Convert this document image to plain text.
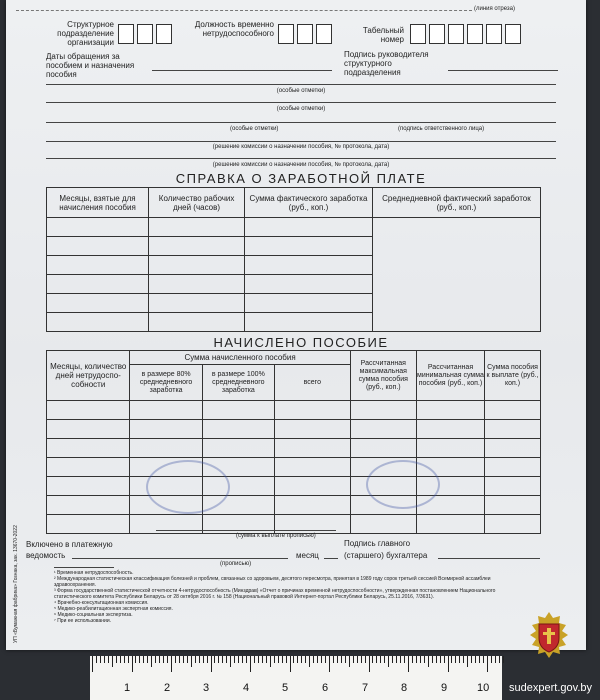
(линия отреза)
Структурное подразделение организации
Должность временно нетрудоспособного	Табельный номер
Даты обращения за пособием и назначения пособия
Подпись руководителя структурного подразделения
(особые отметки)
(особые отметки)
(особые отметки)	(подпись ответственного лица)
(решение комиссии о назначении пособия, № протокола, дата)
(решение комиссии о назначении пособия, № протокола, дата)
СПРАВКА О ЗАРАБОТНОЙ ПЛАТЕ
Месяцы, взятые для начисления пособия	Количество рабочих дней (часов)	Сумма фактического заработка (руб., коп.)	Среднедневной фактический заработок (руб., коп.)

НАЧИСЛЕНО ПОСОБИЕ
Месяцы, количество дней нетрудоспо-собности	Сумма начисленного пособия			Рассчитанная максимальная сумма пособия (руб., коп.)	Рассчитанная минимальная сумма пособия (руб., коп.)	Сумма пособия к выплате (руб., коп.)
	в размере 80% среднедневного заработка	в размере 100% среднедневного заработка	всего			

УП «Бумажная фабрика» Гознака, зак. 13670-2022	(сумма к выплате прописью)
Включено в платежную
ведомость	месяц
(прописью)
Подпись главного
(старшего) бухгалтера
¹ Временная нетрудоспособность.
² Международная статистическая классификация болезней и проблем, связанных со здоровьем, десятого пересмотра, принятая в 1989 году сорок третьей сессией Всемирной ассамблеи здравоохранения.
³ Форма государственной статистической отчетности 4-нетрудоспособность (Минздрав) «Отчет о причинах временной нетрудоспособности», утвержденная постановлением Национального статистического комитета Республики Беларусь от 28 октября 2016 г. № 158 (Национальный правовой Интернет-портал Республики Беларусь, 25.11.2016, 7/3631).
⁴ Врачебно-консультационная комиссия.
⁵ Медико-реабилитационная экспертная комиссия.
⁶ Медико-социальная экспертиза.
⁷ При ее использовании.
1	2	3	4	5	6	7	8	9	10 sudexpert.gov.by
